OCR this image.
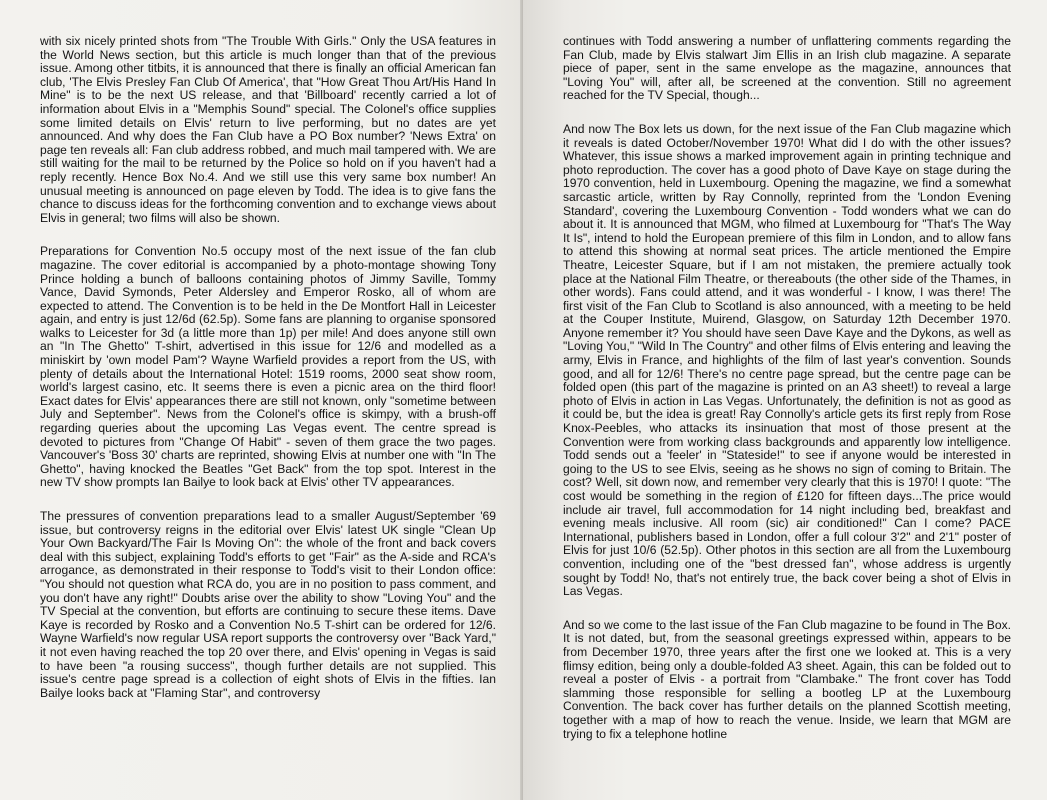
with six nicely printed shots from "The Trouble With Girls." Only the USA features in the World News section, but this article is much longer than that of the previous issue. Among other titbits, it is announced that there is finally an official American fan club, 'The Elvis Presley Fan Club Of America', that "How Great Thou Art/His Hand In Mine" is to be the next US release, and that 'Billboard' recently carried a lot of information about Elvis in a "Memphis Sound" special. The Colonel's office supplies some limited details on Elvis' return to live performing, but no dates are yet announced. And why does the Fan Club have a PO Box number? 'News Extra' on page ten reveals all: Fan club address robbed, and much mail tampered with. We are still waiting for the mail to be returned by the Police so hold on if you haven't had a reply recently. Hence Box No.4. And we still use this very same box number! An unusual meeting is announced on page eleven by Todd. The idea is to give fans the chance to discuss ideas for the forthcoming convention and to exchange views about Elvis in general; two films will also be shown.

Preparations for Convention No.5 occupy most of the next issue of the fan club magazine. The cover editorial is accompanied by a photo-montage showing Tony Prince holding a bunch of balloons containing photos of Jimmy Saville, Tommy Vance, David Symonds, Peter Aldersley and Emperor Rosko, all of whom are expected to attend. The Convention is to be held in the De Montfort Hall in Leicester again, and entry is just 12/6d (62.5p). Some fans are planning to organise sponsored walks to Leicester for 3d (a little more than 1p) per mile! And does anyone still own an "In The Ghetto" T-shirt, advertised in this issue for 12/6 and modelled as a miniskirt by 'own model Pam'? Wayne Warfield provides a report from the US, with plenty of details about the International Hotel: 1519 rooms, 2000 seat show room, world's largest casino, etc. It seems there is even a picnic area on the third floor! Exact dates for Elvis' appearances there are still not known, only "sometime between July and September". News from the Colonel's office is skimpy, with a brush-off regarding queries about the upcoming Las Vegas event. The centre spread is devoted to pictures from "Change Of Habit" - seven of them grace the two pages. Vancouver's 'Boss 30' charts are reprinted, showing Elvis at number one with "In The Ghetto", having knocked the Beatles "Get Back" from the top spot. Interest in the new TV show prompts Ian Bailye to look back at Elvis' other TV appearances.

The pressures of convention preparations lead to a smaller August/September '69 issue, but controversy reigns in the editorial over Elvis' latest UK single "Clean Up Your Own Backyard/The Fair Is Moving On": the whole of the front and back covers deal with this subject, explaining Todd's efforts to get "Fair" as the A-side and RCA's arrogance, as demonstrated in their response to Todd's visit to their London office: "You should not question what RCA do, you are in no position to pass comment, and you don't have any right!" Doubts arise over the ability to show "Loving You" and the TV Special at the convention, but efforts are continuing to secure these items. Dave Kaye is recorded by Rosko and a Convention No.5 T-shirt can be ordered for 12/6. Wayne Warfield's now regular USA report supports the controversy over "Back Yard," it not even having reached the top 20 over there, and Elvis' opening in Vegas is said to have been "a rousing success", though further details are not supplied. This issue's centre page spread is a collection of eight shots of Elvis in the fifties. Ian Bailye looks back at "Flaming Star", and controversy

continues with Todd answering a number of unflattering comments regarding the Fan Club, made by Elvis stalwart Jim Ellis in an Irish club magazine. A separate piece of paper, sent in the same envelope as the magazine, announces that "Loving You" will, after all, be screened at the convention. Still no agreement reached for the TV Special, though...

And now The Box lets us down, for the next issue of the Fan Club magazine which it reveals is dated October/November 1970! What did I do with the other issues? Whatever, this issue shows a marked improvement again in printing technique and photo reproduction. The cover has a good photo of Dave Kaye on stage during the 1970 convention, held in Luxembourg. Opening the magazine, we find a somewhat sarcastic article, written by Ray Connolly, reprinted from the 'London Evening Standard', covering the Luxembourg Convention - Todd wonders what we can do about it. It is announced that MGM, who filmed at Luxembourg for "That's The Way It Is", intend to hold the European premiere of this film in London, and to allow fans to attend this showing at normal seat prices. The article mentioned the Empire Theatre, Leicester Square, but if I am not mistaken, the premiere actually took place at the National Film Theatre, or thereabouts (the other side of the Thames, in other words). Fans could attend, and it was wonderful - I know, I was there! The first visit of the Fan Club to Scotland is also announced, with a meeting to be held at the Couper Institute, Muirend, Glasgow, on Saturday 12th December 1970. Anyone remember it? You should have seen Dave Kaye and the Dykons, as well as "Loving You," "Wild In The Country" and other films of Elvis entering and leaving the army, Elvis in France, and highlights of the film of last year's convention. Sounds good, and all for 12/6! There's no centre page spread, but the centre page can be folded open (this part of the magazine is printed on an A3 sheet!) to reveal a large photo of Elvis in action in Las Vegas. Unfortunately, the definition is not as good as it could be, but the idea is great! Ray Connolly's article gets its first reply from Rose Knox-Peebles, who attacks its insinuation that most of those present at the Convention were from working class backgrounds and apparently low intelligence. Todd sends out a 'feeler' in "Stateside!" to see if anyone would be interested in going to the US to see Elvis, seeing as he shows no sign of coming to Britain. The cost? Well, sit down now, and remember very clearly that this is 1970! I quote: "The cost would be something in the region of £120 for fifteen days...The price would include air travel, full accommodation for 14 night including bed, breakfast and evening meals inclusive. All room (sic) air conditioned!" Can I come? PACE International, publishers based in London, offer a full colour 3'2" and 2'1" poster of Elvis for just 10/6 (52.5p). Other photos in this section are all from the Luxembourg convention, including one of the "best dressed fan", whose address is urgently sought by Todd! No, that's not entirely true, the back cover being a shot of Elvis in Las Vegas.

And so we come to the last issue of the Fan Club magazine to be found in The Box. It is not dated, but, from the seasonal greetings expressed within, appears to be from December 1970, three years after the first one we looked at. This is a very flimsy edition, being only a double-folded A3 sheet. Again, this can be folded out to reveal a poster of Elvis - a portrait from "Clambake." The front cover has Todd slamming those responsible for selling a bootleg LP at the Luxembourg Convention. The back cover has further details on the planned Scottish meeting, together with a map of how to reach the venue. Inside, we learn that MGM are trying to fix a telephone hotline
